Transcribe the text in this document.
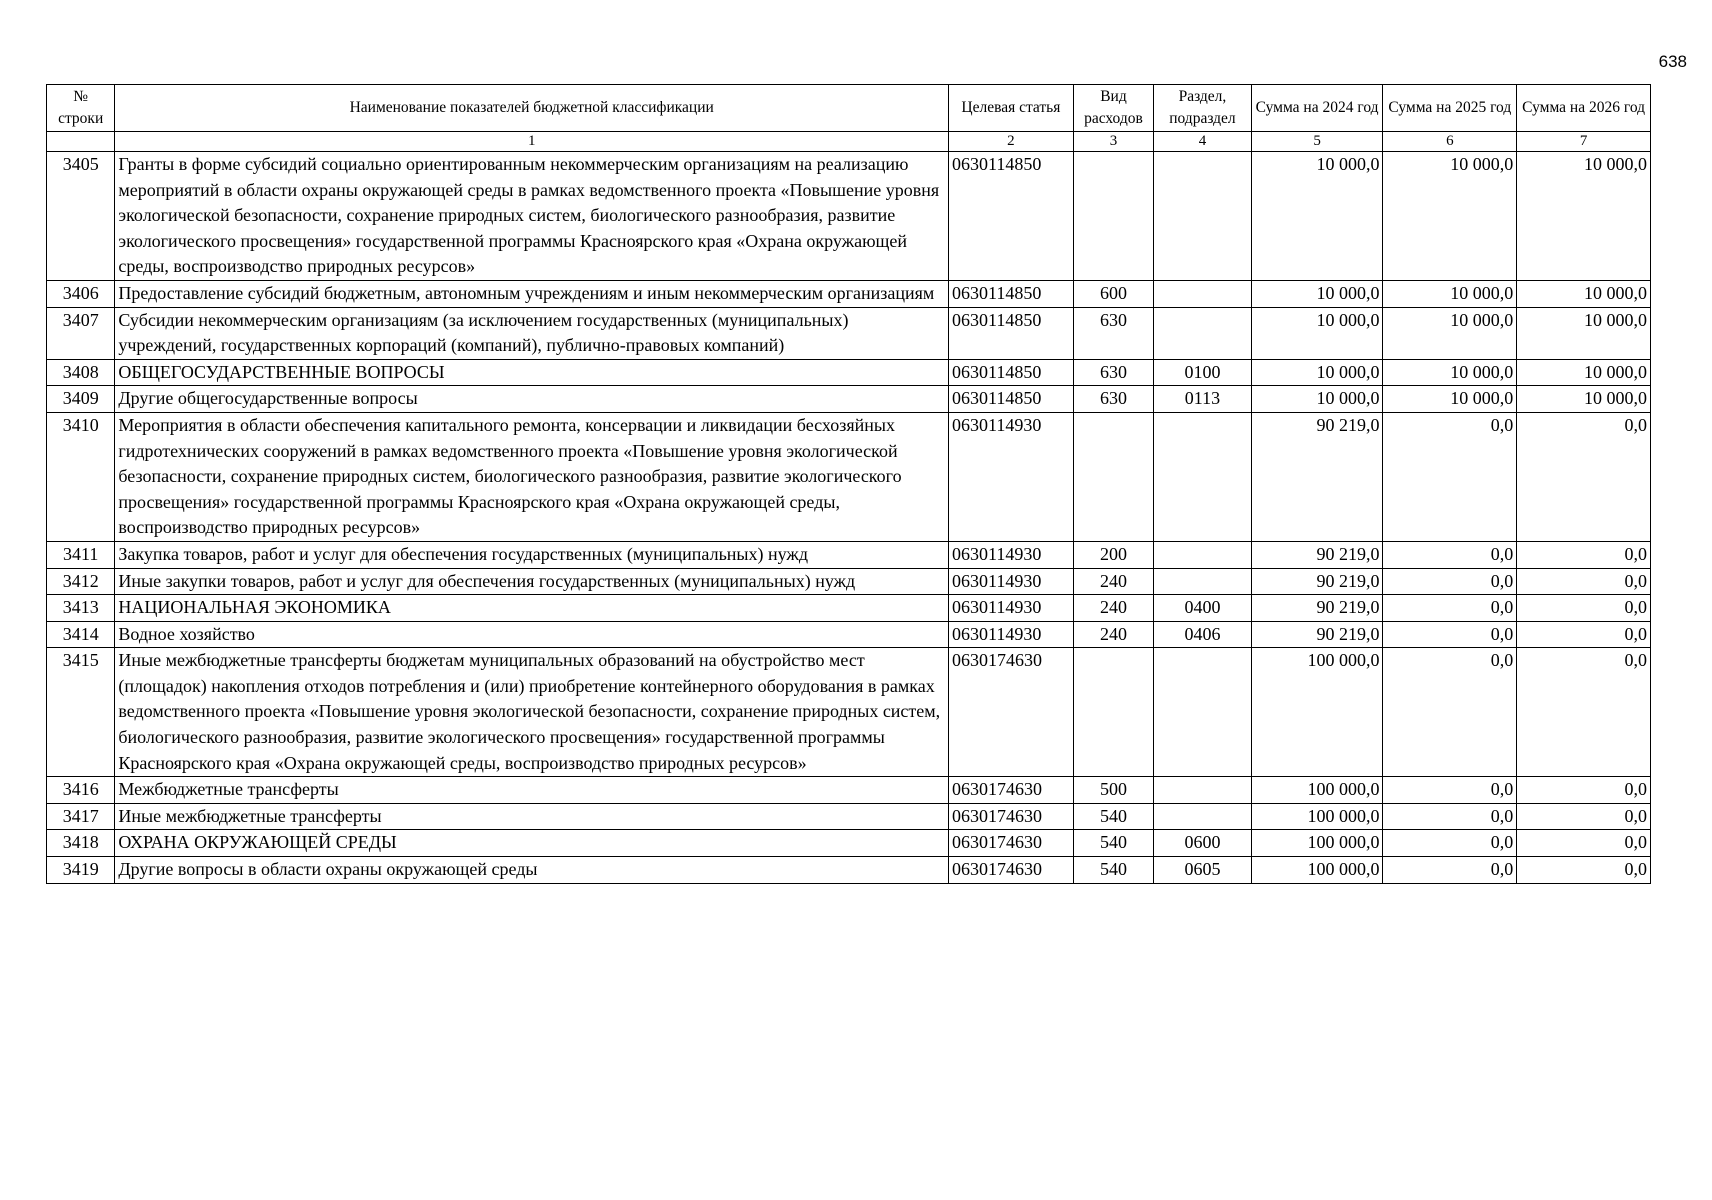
638
№ строки	Наименование показателей бюджетной классификации	Целевая статья	Вид расходов	Раздел, подраздел	Сумма на 2024 год	Сумма на 2025 год	Сумма на 2026 год
	1	2	3	4	5	6	7
3405	Гранты в форме субсидий социально ориентированным некоммерческим организациям на реализацию мероприятий в области охраны окружающей среды в рамках ведомственного проекта «Повышение уровня экологической безопасности, сохранение природных систем, биологического разнообразия, развитие экологического просвещения» государственной программы Красноярского края «Охрана окружающей среды, воспроизводство природных ресурсов»	0630114850			10 000,0	10 000,0	10 000,0
3406	Предоставление субсидий бюджетным, автономным учреждениям и иным некоммерческим организациям	0630114850	600		10 000,0	10 000,0	10 000,0
3407	Субсидии некоммерческим организациям (за исключением государственных (муниципальных) учреждений, государственных корпораций (компаний), публично-правовых компаний)	0630114850	630		10 000,0	10 000,0	10 000,0
3408	ОБЩЕГОСУДАРСТВЕННЫЕ ВОПРОСЫ	0630114850	630	0100	10 000,0	10 000,0	10 000,0
3409	Другие общегосударственные вопросы	0630114850	630	0113	10 000,0	10 000,0	10 000,0
3410	Мероприятия в области обеспечения капитального ремонта, консервации и ликвидации бесхозяйных гидротехнических сооружений в рамках ведомственного проекта «Повышение уровня экологической безопасности, сохранение природных систем, биологического разнообразия, развитие экологического просвещения» государственной программы Красноярского края «Охрана окружающей среды, воспроизводство природных ресурсов»	0630114930			90 219,0	0,0	0,0
3411	Закупка товаров, работ и услуг для обеспечения государственных (муниципальных) нужд	0630114930	200		90 219,0	0,0	0,0
3412	Иные закупки товаров, работ и услуг для обеспечения государственных (муниципальных) нужд	0630114930	240		90 219,0	0,0	0,0
3413	НАЦИОНАЛЬНАЯ ЭКОНОМИКА	0630114930	240	0400	90 219,0	0,0	0,0
3414	Водное хозяйство	0630114930	240	0406	90 219,0	0,0	0,0
3415	Иные межбюджетные трансферты бюджетам муниципальных образований на обустройство мест (площадок) накопления отходов потребления и (или) приобретение контейнерного оборудования в рамках ведомственного проекта «Повышение уровня экологической безопасности, сохранение природных систем, биологического разнообразия, развитие экологического просвещения» государственной программы Красноярского края «Охрана окружающей среды, воспроизводство природных ресурсов»	0630174630			100 000,0	0,0	0,0
3416	Межбюджетные трансферты	0630174630	500		100 000,0	0,0	0,0
3417	Иные межбюджетные трансферты	0630174630	540		100 000,0	0,0	0,0
3418	ОХРАНА ОКРУЖАЮЩЕЙ СРЕДЫ	0630174630	540	0600	100 000,0	0,0	0,0
3419	Другие вопросы в области охраны окружающей среды	0630174630	540	0605	100 000,0	0,0	0,0
